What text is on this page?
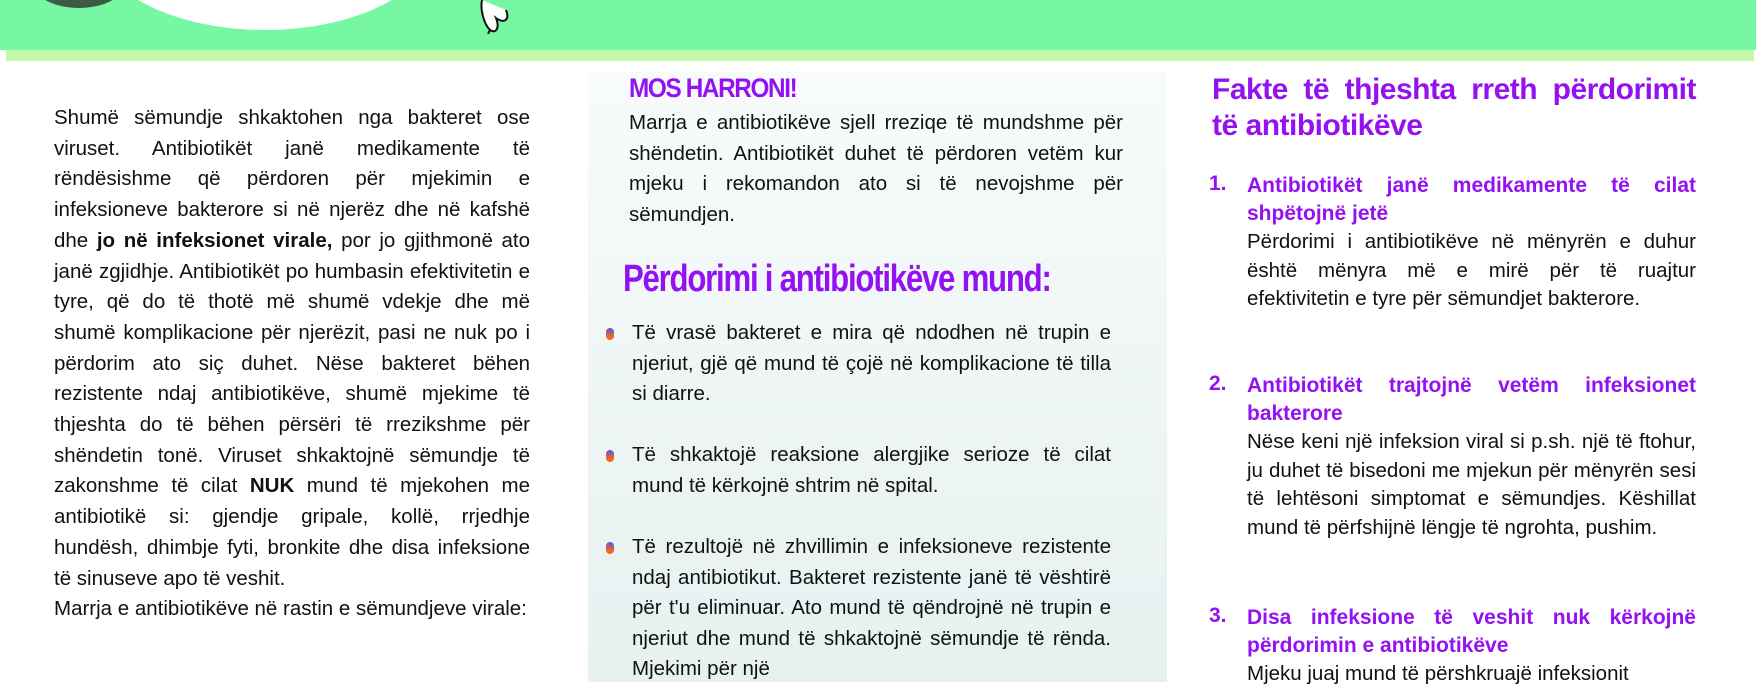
Shumë sëmundje shkaktohen nga bakteret ose viruset. Antibiotikët janë medikamente të rëndësishme që përdoren për mjekimin e infeksioneve bakterore si në njerëz dhe në kafshë dhe jo në infeksionet virale, por jo gjithmonë ato janë zgjidhje. Antibiotikët po humbasin efektivitetin e tyre, që do të thotë më shumë vdekje dhe më shumë komplikacione për njerëzit, pasi ne nuk po i përdorim ato siç duhet. Nëse bakteret bëhen rezistente ndaj antibiotikëve, shumë mjekime të thjeshta do të bëhen përsëri të rrezikshme për shëndetin tonë. Viruset shkaktojnë sëmundje të zakonshme të cilat NUK mund të mjekohen me antibiotikë si: gjendje gripale, kollë, rrjedhje hundësh, dhimbje fyti, bronkite dhe disa infeksione të sinuseve apo të veshit.

Marrja e antibiotikëve në rastin e sëmundjeve virale:

MOS HARRONI!
Marrja e antibiotikëve sjell rreziqe të mundshme për shëndetin. Antibiotikët duhet të përdoren vetëm kur mjeku i rekomandon ato si të nevojshme për sëmundjen.
Përdorimi i antibiotikëve mund:
Të vrasë bakteret e mira që ndodhen në trupin e njeriut, gjë që mund të çojë në komplikacione të tilla si diarre.
Të shkaktojë reaksione alergjike serioze të cilat mund të kërkojnë shtrim në spital.
Të rezultojë në zhvillimin e infeksioneve rezistente ndaj antibiotikut. Bakteret rezistente janë të vështirë për t'u eliminuar. Ato mund të qëndrojnë në trupin e njeriut dhe mund të shkaktojnë sëmundje të rënda. Mjekimi për një
Fakte të thjeshta rreth përdorimit të antibiotikëve
1. Antibiotikët janë medikamente të cilat shpëtojnë jetë
Përdorimi i antibiotikëve në mënyrën e duhur është mënyra më e mirë për të ruajtur efektivitetin e tyre për sëmundjet bakterore.
2. Antibiotikët trajtojnë vetëm infeksionet bakterore
Nëse keni një infeksion viral si p.sh. një të ftohur, ju duhet të bisedoni me mjekun për mënyrën sesi të lehtësoni simptomat e sëmundjes. Këshillat mund të përfshijnë lëngje të ngrohta, pushim.
3. Disa infeksione të veshit nuk kërkojnë përdorimin e antibiotikëve
Mjeku juaj mund të përshkruajë infeksionit
